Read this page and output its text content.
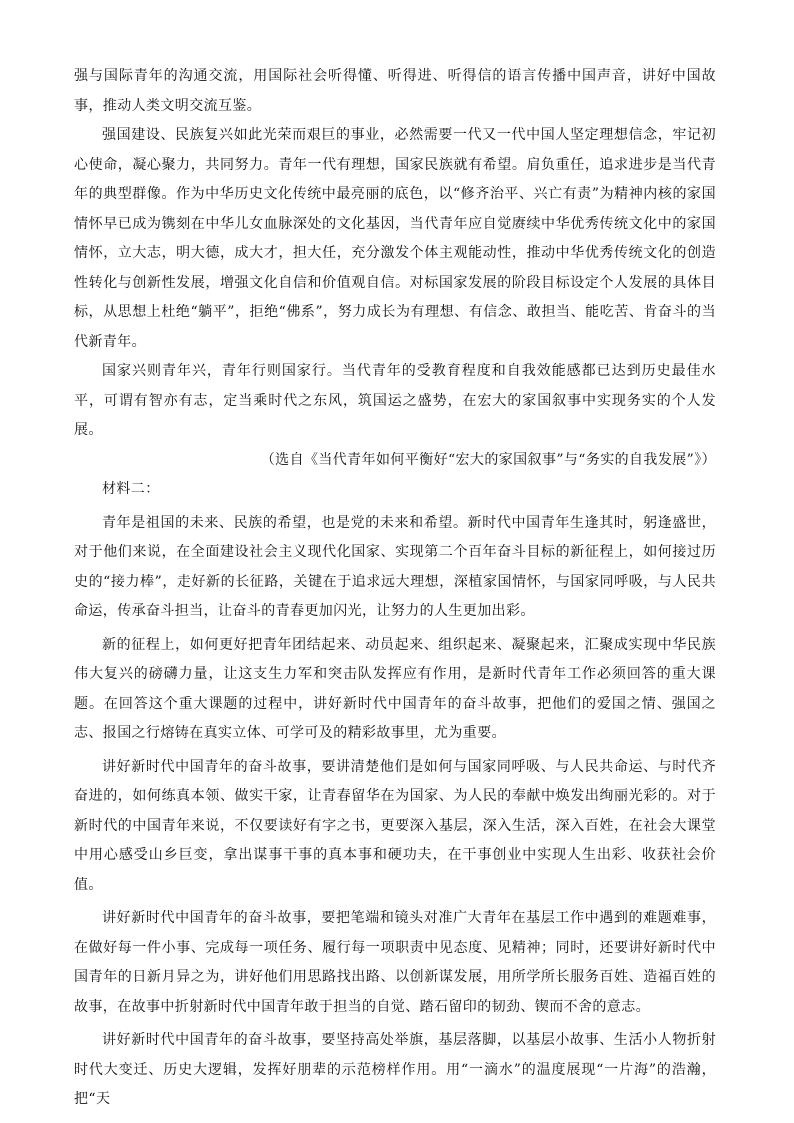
强与国际青年的沟通交流，用国际社会听得懂、听得进、听得信的语言传播中国声音，讲好中国故事，推动人类文明交流互鉴。

强国建设、民族复兴如此光荣而艰巨的事业，必然需要一代又一代中国人坚定理想信念，牢记初心使命，凝心聚力，共同努力。青年一代有理想，国家民族就有希望。肩负重任，追求进步是当代青年的典型群像。作为中华历史文化传统中最亮丽的底色，以“修齐治平、兴亡有责”为精神内核的家国情怀早已成为镌刻在中华儿女血脉深处的文化基因，当代青年应自觉赓续中华优秀传统文化中的家国情怀，立大志，明大德，成大才，担大任，充分激发个体主观能动性，推动中华优秀传统文化的创造性转化与创新性发展，增强文化自信和价值观自信。对标国家发展的阶段目标设定个人发展的具体目标，从思想上杜绝“躺平”，拒绝“佛系”，努力成长为有理想、有信念、敢担当、能吃苦、肯奋斗的当代新青年。

国家兴则青年兴，青年行则国家行。当代青年的受教育程度和自我效能感都已达到历史最佳水平，可谓有智亦有志，定当乘时代之东风，筑国运之盛势，在宏大的家国叙事中实现务实的个人发展。

（选自《当代青年如何平衡好“宏大的家国叙事”与“务实的自我发展”》）

材料二：

青年是祖国的未来、民族的希望，也是党的未来和希望。新时代中国青年生逢其时，躬逢盛世，对于他们来说，在全面建设社会主义现代化国家、实现第二个百年奋斗目标的新征程上，如何接过历史的“接力棒”，走好新的长征路，关键在于追求远大理想，深植家国情怀，与国家同呼吸，与人民共命运，传承奋斗担当，让奋斗的青春更加闪光，让努力的人生更加出彩。

新的征程上，如何更好把青年团结起来、动员起来、组织起来、凝聚起来，汇聚成实现中华民族伟大复兴的磅礴力量，让这支生力军和突击队发挥应有作用，是新时代青年工作必须回答的重大课题。在回答这个重大课题的过程中，讲好新时代中国青年的奋斗故事，把他们的爱国之情、强国之志、报国之行熔铸在真实立体、可学可及的精彩故事里，尤为重要。

讲好新时代中国青年的奋斗故事，要讲清楚他们是如何与国家同呼吸、与人民共命运、与时代齐奋进的，如何练真本领、做实干家，让青春留华在为国家、为人民的奉献中焕发出绚丽光彩的。对于新时代的中国青年来说，不仅要读好有字之书，更要深入基层，深入生活，深入百姓，在社会大课堂中用心感受山乡巨变，拿出谋事干事的真本事和硬功夫，在干事创业中实现人生出彩、收获社会价值。

讲好新时代中国青年的奋斗故事，要把笔端和镜头对准广大青年在基层工作中遇到的难题难事，在做好每一件小事、完成每一项任务、履行每一项职责中见态度、见精神；同时，还要讲好新时代中国青年的日新月异之为，讲好他们用思路找出路、以创新谋发展，用所学所长服务百姓、造福百姓的故事，在故事中折射新时代中国青年敢于担当的自觉、踏石留印的韧劲、锲而不舍的意志。

讲好新时代中国青年的奋斗故事，要坚持高处举旗，基层落脚，以基层小故事、生活小人物折射时代大变迁、历史大逻辑，发挥好朋辈的示范榜样作用。用“一滴水”的温度展现“一片海”的浩瀚，把“天
